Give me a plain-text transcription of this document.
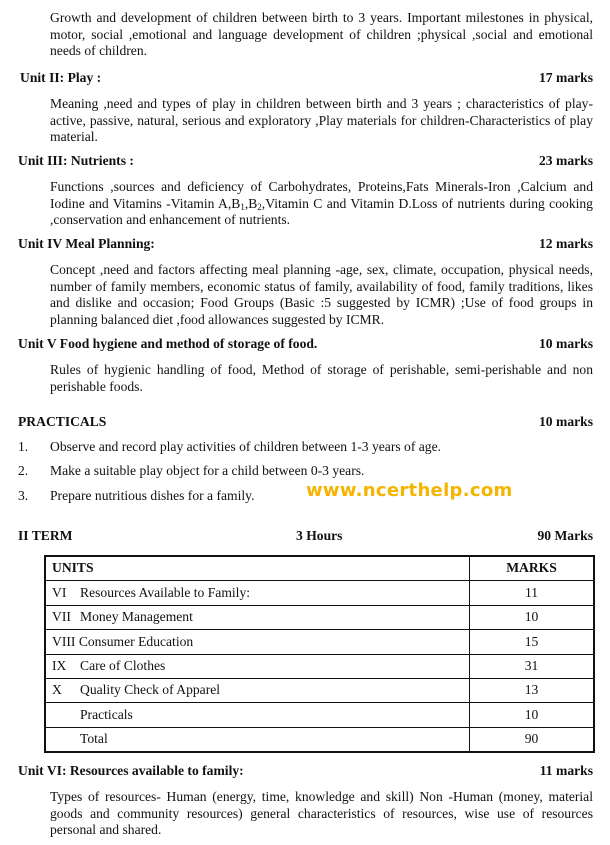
Growth and development of children between birth to 3 years. Important milestones in physical, motor, social ,emotional and language development of children ;physical ,social and emotional needs of children.
Unit II: Play :	17 marks
Meaning ,need and types of play in children between birth and 3 years ; characteristics of play-active, passive, natural, serious and exploratory ,Play materials for children-Characteristics of play material.
Unit III: Nutrients :	23 marks
Functions ,sources and deficiency of Carbohydrates, Proteins,Fats Minerals-Iron ,Calcium and Iodine and Vitamins -Vitamin $A,B_1,B_2,Vitamin$ C and Vitamin D.Loss of nutrients during cooking ,conservation and enhancement of nutrients.
Unit IV Meal Planning:	12 marks
Concept ,need and factors affecting meal planning -age, sex, climate, occupation, physical needs, number of family members, economic status of family, availability of food, family traditions, likes and dislike and occasion; Food Groups (Basic :5 suggested by ICMR) ;Use of food groups in planning balanced diet ,food allowances suggested by ICMR.
Unit V Food hygiene and method of storage of food.	10 marks
Rules of hygienic handling of food, Method of storage of perishable, semi-perishable and non perishable foods.
PRACTICALS	10 marks
1. Observe and record play activities of children between 1-3 years of age.
2. Make a suitable play object for a child between 0-3 years.
3. Prepare nutritious dishes for a family.	www.ncerthelp.com
II TERM	3 Hours	90 Marks
UNITS	MARKS
VI Resources Available to Family:	11
VII Money Management	10
VIII Consumer Education	15
IX Care of Clothes	31
X Quality Check of Apparel	13
Practicals	10
Total	90
Unit VI: Resources available to family:	11 marks
Types of resources- Human (energy, time, knowledge and skill) Non -Human (money, material goods and community resources) general characteristics of resources, wise use of resources personal and shared.
